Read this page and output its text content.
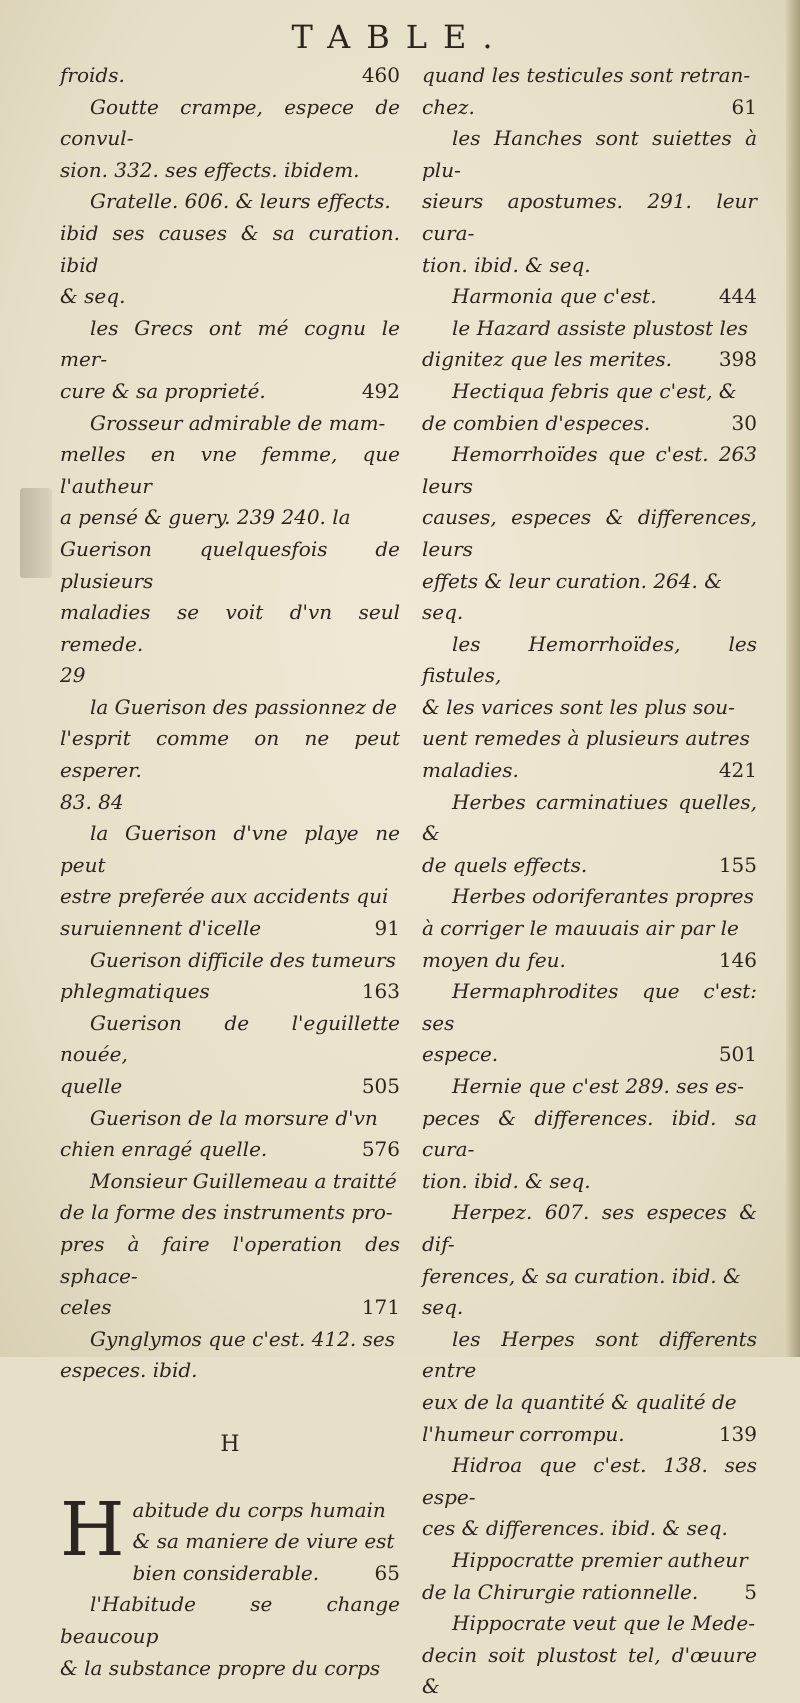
TABLE.
froids.	460
Goutte crampe, espece de convul-
sion. 332. ses effects. ibidem.
Gratelle. 606. & leurs effects.
ibid ses causes & sa curation. ibid
& seq.
les Grecs ont mé cognu le mer-
cure & sa proprieté.	492
Grosseur admirable de mam-
melles en vne femme, que l'autheur
a pensé & guery. 239 240. la
Guerison quelquesfois de plusieurs
maladies se voit d'vn seul remede.
29
la Guerison des passionnez de
l'esprit comme on ne peut esperer.
83. 84
la Guerison d'vne playe ne peut
estre preferée aux accidents qui
suruiennent d'icelle	91
Guerison difficile des tumeurs
phlegmatiques	163
Guerison de l'eguillette nouée,
quelle	505
Guerison de la morsure d'vn
chien enragé quelle.	576
Monsieur Guillemeau a traitté
de la forme des instruments pro-
pres à faire l'operation des sphace-
celes	171
Gynglymos que c'est. 412. ses
especes. ibid.
H
H abitude du corps humain
& sa maniere de viure est
bien considerable.	65
l'Habitude se change beaucoup
& la substance propre du corps
quand les testicules sont retran-
chez.	61
les Hanches sont suiettes à plu-
sieurs apostumes. 291. leur cura-
tion. ibid. & seq.
Harmonia que c'est.	444
le Hazard assiste plustost les
dignitez que les merites.	398
Hectiqua febris que c'est, &
de combien d'especes.	30
Hemorrhoïdes que c'est. 263 leurs
causes, especes & differences, leurs
effets & leur curation. 264. &
seq.
les Hemorrhoïdes, les fistules,
& les varices sont les plus sou-
uent remedes à plusieurs autres
maladies.	421
Herbes carminatiues quelles, &
de quels effects.	155
Herbes odoriferantes propres
à corriger le mauuais air par le
moyen du feu.	146
Hermaphrodites que c'est: ses
espece.	501
Hernie que c'est 289. ses es-
peces & differences. ibid. sa cura-
tion. ibid. & seq.
Herpez. 607. ses especes & dif-
ferences, & sa curation. ibid. &
seq.
les Herpes sont differents entre
eux de la quantité & qualité de
l'humeur corrompu.	139
Hidroa que c'est. 138. ses espe-
ces & differences. ibid. & seq.
Hippocratte premier autheur
de la Chirurgie rationnelle.	5
Hippocrate veut que le Mede-
decin soit plustost tel, d'œuure &
